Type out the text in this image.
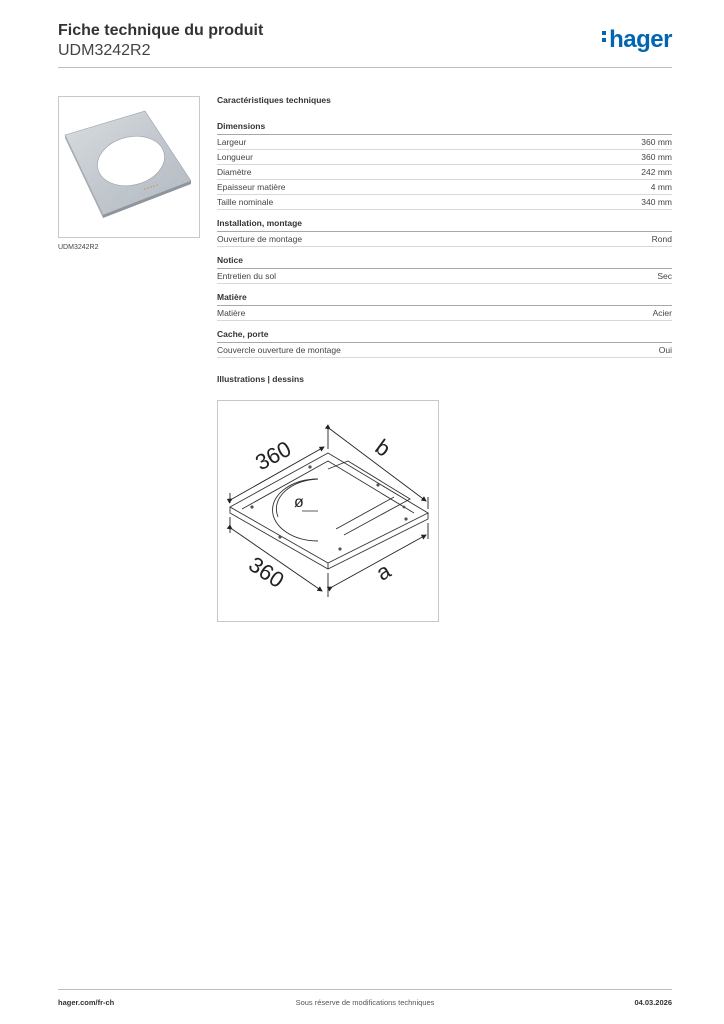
Fiche technique du produit
UDM3242R2	hager
UDM3242R2
Caractéristiques techniques
Dimensions
Largeur	360 mm
Longueur	360 mm
Diamètre	242 mm
Epaisseur matière	4 mm
Taille nominale	340 mm
Installation, montage
Ouverture de montage	Rond
Notice
Entretien du sol	Sec
Matière
Matière	Acier
Cache, porte
Couvercle ouverture de montage	Oui
Illustrations | dessins
360	b
360	a
ø
hager.com/fr-ch	Sous réserve de modifications techniques	04.03.2026
